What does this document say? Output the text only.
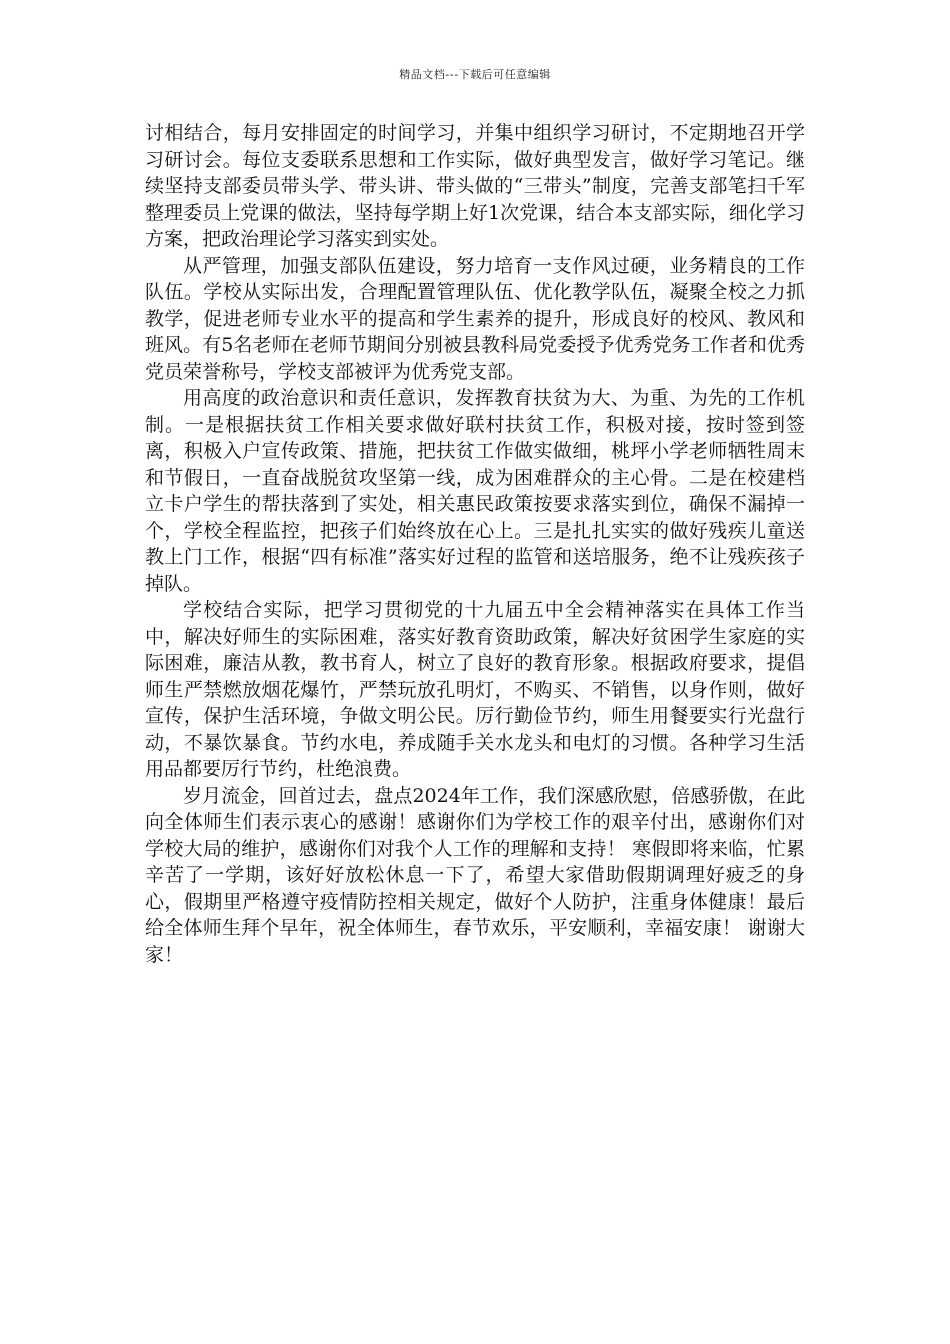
精品文档---下载后可任意编辑

讨相结合，每月安排固定的时间学习，并集中组织学习研讨，不定期地召开学习研讨会。每位支委联系思想和工作实际，做好典型发言，做好学习笔记。继续坚持支部委员带头学、带头讲、带头做的“三带头”制度，完善支部笔扫千军整理委员上党课的做法，坚持每学期上好1次党课，结合本支部实际，细化学习方案，把政治理论学习落实到实处。

从严管理，加强支部队伍建设，努力培育一支作风过硬，业务精良的工作队伍。学校从实际出发，合理配置管理队伍、优化教学队伍，凝聚全校之力抓教学，促进老师专业水平的提高和学生素养的提升，形成良好的校风、教风和班风。有5名老师在老师节期间分别被县教科局党委授予优秀党务工作者和优秀党员荣誉称号，学校支部被评为优秀党支部。

用高度的政治意识和责任意识，发挥教育扶贫为大、为重、为先的工作机制。一是根据扶贫工作相关要求做好联村扶贫工作，积极对接，按时签到签离，积极入户宣传政策、措施，把扶贫工作做实做细，桃坪小学老师牺牲周末和节假日，一直奋战脱贫攻坚第一线，成为困难群众的主心骨。二是在校建档立卡户学生的帮扶落到了实处，相关惠民政策按要求落实到位，确保不漏掉一个，学校全程监控，把孩子们始终放在心上。三是扎扎实实的做好残疾儿童送教上门工作，根据“四有标准”落实好过程的监管和送培服务，绝不让残疾孩子掉队。

学校结合实际，把学习贯彻党的十九届五中全会精神落实在具体工作当中，解决好师生的实际困难，落实好教育资助政策，解决好贫困学生家庭的实际困难，廉洁从教，教书育人，树立了良好的教育形象。根据政府要求，提倡师生严禁燃放烟花爆竹，严禁玩放孔明灯，不购买、不销售，以身作则，做好宣传，保护生活环境，争做文明公民。厉行勤俭节约，师生用餐要实行光盘行动，不暴饮暴食。节约水电，养成随手关水龙头和电灯的习惯。各种学习生活用品都要厉行节约，杜绝浪费。

岁月流金，回首过去，盘点2024年工作，我们深感欣慰，倍感骄傲，在此向全体师生们表示衷心的感谢！感谢你们为学校工作的艰辛付出，感谢你们对学校大局的维护，感谢你们对我个人工作的理解和支持！ 寒假即将来临，忙累辛苦了一学期，该好好放松休息一下了，希望大家借助假期调理好疲乏的身心，假期里严格遵守疫情防控相关规定，做好个人防护，注重身体健康！最后给全体师生拜个早年，祝全体师生，春节欢乐，平安顺利，幸福安康！ 谢谢大家！
